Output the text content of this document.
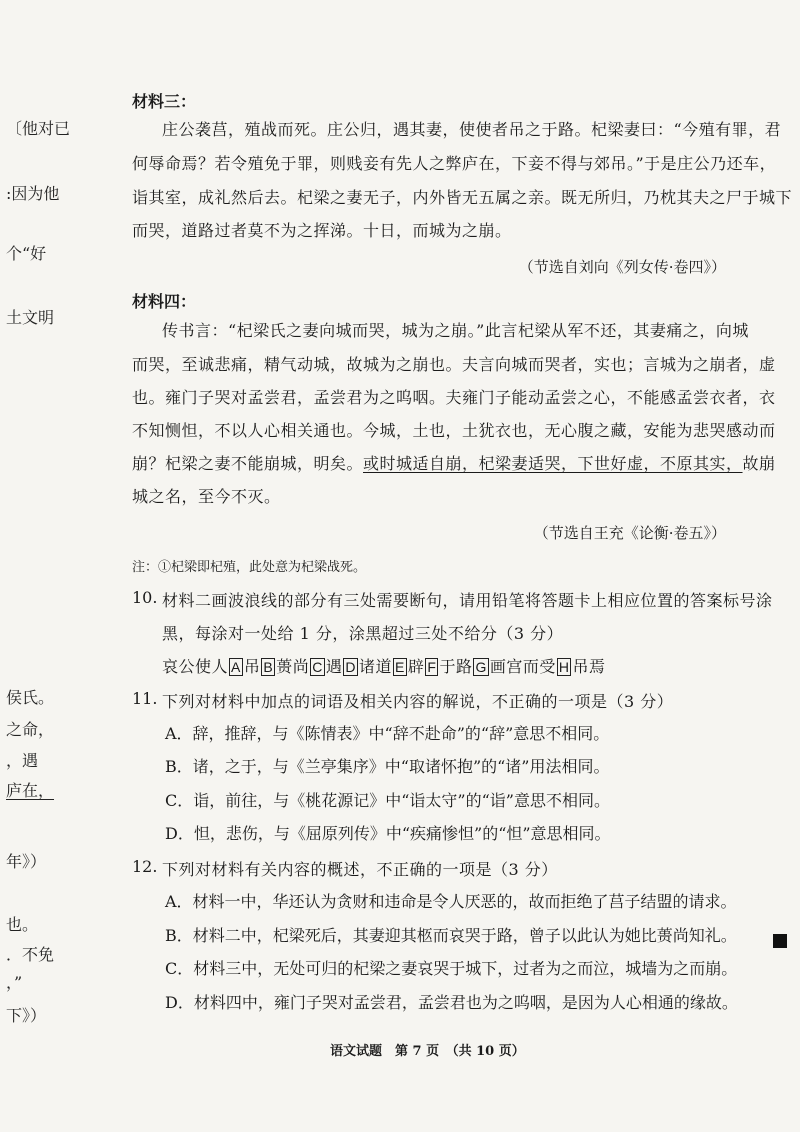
〔他对已
:因为他
个“好
土文明
侯氏。
之命，
，遇
庐在，
年》）
也。
．不免
，”
下》）
材料三：
庄公袭莒，殖战而死。庄公归，遇其妻，使使者吊之于路。杞梁妻曰：“今殖有罪，君
何辱命焉？若令殖免于罪，则贱妾有先人之弊庐在，下妾不得与郊吊。”于是庄公乃还车，
诣其室，成礼然后去。杞梁之妻无子，内外皆无五属之亲。既无所归，乃枕其夫之尸于城下
而哭，道路过者莫不为之挥涕。十日，而城为之崩。
（节选自刘向《列女传·卷四》）
材料四：
传书言：“杞梁氏之妻向城而哭，城为之崩。”此言杞梁从军不还，其妻痛之，向城
而哭，至诚悲痛，精气动城，故城为之崩也。夫言向城而哭者，实也；言城为之崩者，虚
也。雍门子哭对孟尝君，孟尝君为之呜咽。夫雍门子能动孟尝之心，不能感孟尝衣者，衣
不知恻怛，不以人心相关通也。今城，土也，土犹衣也，无心腹之藏，安能为悲哭感动而
崩？杞梁之妻不能崩城，明矣。或时城适自崩，杞梁妻适哭，下世好虚，不原其实，故崩
城之名，至今不灭。
（节选自王充《论衡·卷五》）
注：①杞梁即杞殖，此处意为杞梁战死。
10. 材料二画波浪线的部分有三处需要断句，请用铅笔将答题卡上相应位置的答案标号涂
黑，每涂对一处给 1 分，涂黑超过三处不给分（3 分）
哀公使人 A 吊 B 蒉尚 C 遇 D 诸道 E 辟 F 于路 G 画宫而受 H 吊焉
11. 下列对材料中加点的词语及相关内容的解说，不正确的一项是（3 分）
A．辞，推辞，与《陈情表》中“辞不赴命”的“辞”意思不相同。
B．诸，之于，与《兰亭集序》中“取诸怀抱”的“诸”用法相同。
C．诣，前往，与《桃花源记》中“诣太守”的“诣”意思不相同。
D．怛，悲伤，与《屈原列传》中“疾痛惨怛”的“怛”意思相同。
12. 下列对材料有关内容的概述，不正确的一项是（3 分）
A．材料一中，华还认为贪财和违命是令人厌恶的，故而拒绝了莒子结盟的请求。
B．材料二中，杞梁死后，其妻迎其柩而哀哭于路，曾子以此认为她比蒉尚知礼。
C．材料三中，无处可归的杞梁之妻哀哭于城下，过者为之而泣，城墙为之而崩。
D．材料四中，雍门子哭对孟尝君，孟尝君也为之呜咽，是因为人心相通的缘故。
语文试题　第 7 页　（共 10 页）
